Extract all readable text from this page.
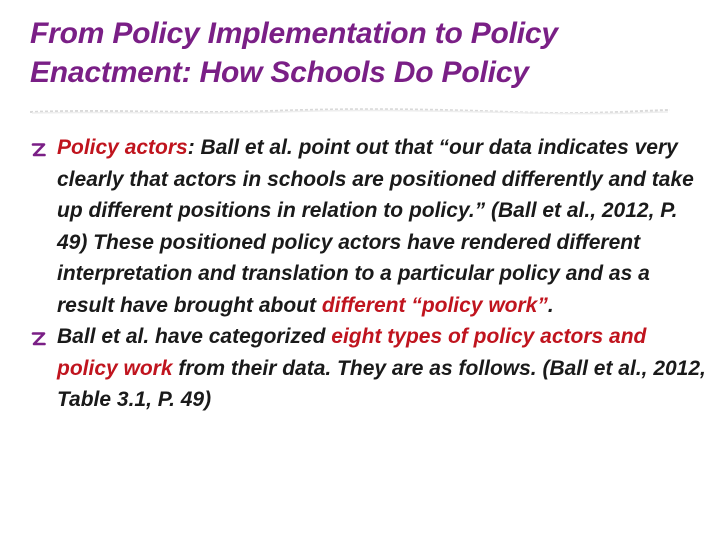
From Policy Implementation to Policy
Enactment: How Schools Do Policy
Policy actors: Ball et al. point out that “our data indicates very clearly that actors in schools are positioned differently and take up different positions in relation to policy.” (Ball et al., 2012, P. 49) These positioned policy actors have rendered different interpretation and translation to a particular policy and as a result have brought about different “policy work”.
Ball et al. have categorized eight types of policy actors and policy work from their data. They are as follows. (Ball et al., 2012, Table 3.1, P. 49)
